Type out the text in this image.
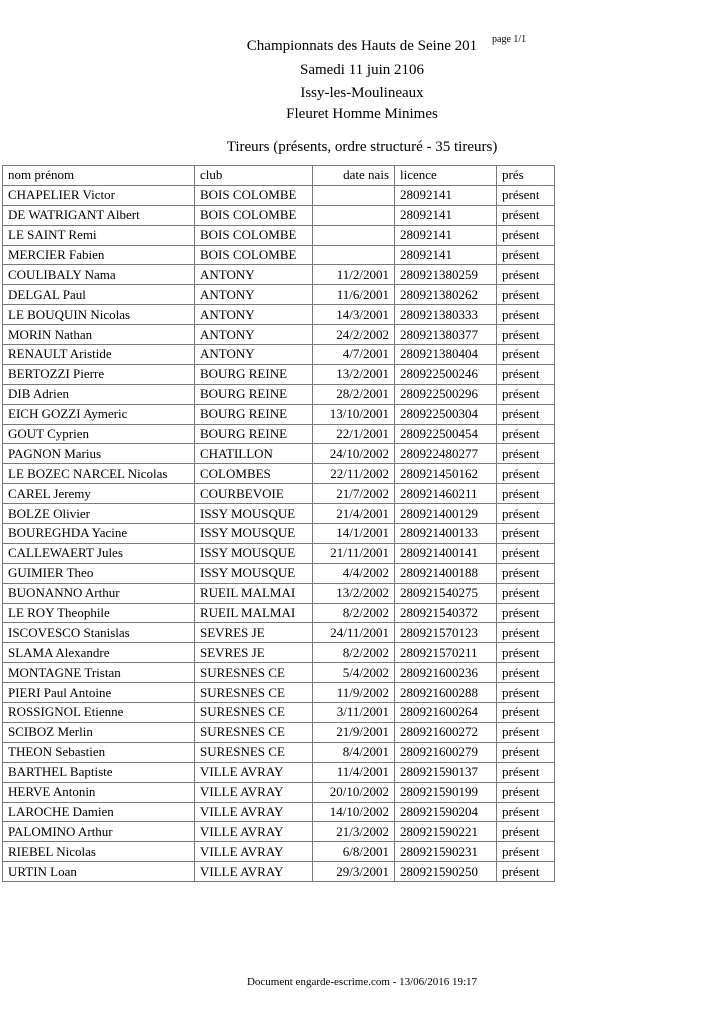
Championnats des Hauts de Seine 201	page 1/1
Samedi 11 juin 2106
Issy-les-Moulineaux
Fleuret Homme Minimes
Tireurs (présents, ordre structuré - 35 tireurs)
nom prénom	club	date nais	licence	prés
CHAPELIER Victor	BOIS COLOMBE		28092141	présent
DE WATRIGANT Albert	BOIS COLOMBE		28092141	présent
LE SAINT Remi	BOIS COLOMBE		28092141	présent
MERCIER Fabien	BOIS COLOMBE		28092141	présent
COULIBALY Nama	ANTONY	11/2/2001	280921380259	présent
DELGAL Paul	ANTONY	11/6/2001	280921380262	présent
LE BOUQUIN Nicolas	ANTONY	14/3/2001	280921380333	présent
MORIN Nathan	ANTONY	24/2/2002	280921380377	présent
RENAULT Aristide	ANTONY	4/7/2001	280921380404	présent
BERTOZZI Pierre	BOURG REINE	13/2/2001	280922500246	présent
DIB Adrien	BOURG REINE	28/2/2001	280922500296	présent
EICH GOZZI Aymeric	BOURG REINE	13/10/2001	280922500304	présent
GOUT Cyprien	BOURG REINE	22/1/2001	280922500454	présent
PAGNON Marius	CHATILLON	24/10/2002	280922480277	présent
LE BOZEC NARCEL Nicolas	COLOMBES	22/11/2002	280921450162	présent
CAREL Jeremy	COURBEVOIE	21/7/2002	280921460211	présent
BOLZE Olivier	ISSY MOUSQUE	21/4/2001	280921400129	présent
BOUREGHDA Yacine	ISSY MOUSQUE	14/1/2001	280921400133	présent
CALLEWAERT Jules	ISSY MOUSQUE	21/11/2001	280921400141	présent
GUIMIER Theo	ISSY MOUSQUE	4/4/2002	280921400188	présent
BUONANNO Arthur	RUEIL MALMAI	13/2/2002	280921540275	présent
LE ROY Theophile	RUEIL MALMAI	8/2/2002	280921540372	présent
ISCOVESCO Stanislas	SEVRES JE	24/11/2001	280921570123	présent
SLAMA Alexandre	SEVRES JE	8/2/2002	280921570211	présent
MONTAGNE Tristan	SURESNES CE	5/4/2002	280921600236	présent
PIERI Paul Antoine	SURESNES CE	11/9/2002	280921600288	présent
ROSSIGNOL Etienne	SURESNES CE	3/11/2001	280921600264	présent
SCIBOZ Merlin	SURESNES CE	21/9/2001	280921600272	présent
THEON Sebastien	SURESNES CE	8/4/2001	280921600279	présent
BARTHEL Baptiste	VILLE AVRAY	11/4/2001	280921590137	présent
HERVE Antonin	VILLE AVRAY	20/10/2002	280921590199	présent
LAROCHE Damien	VILLE AVRAY	14/10/2002	280921590204	présent
PALOMINO Arthur	VILLE AVRAY	21/3/2002	280921590221	présent
RIEBEL Nicolas	VILLE AVRAY	6/8/2001	280921590231	présent
URTIN Loan	VILLE AVRAY	29/3/2001	280921590250	présent
Document engarde-escrime.com - 13/06/2016 19:17
